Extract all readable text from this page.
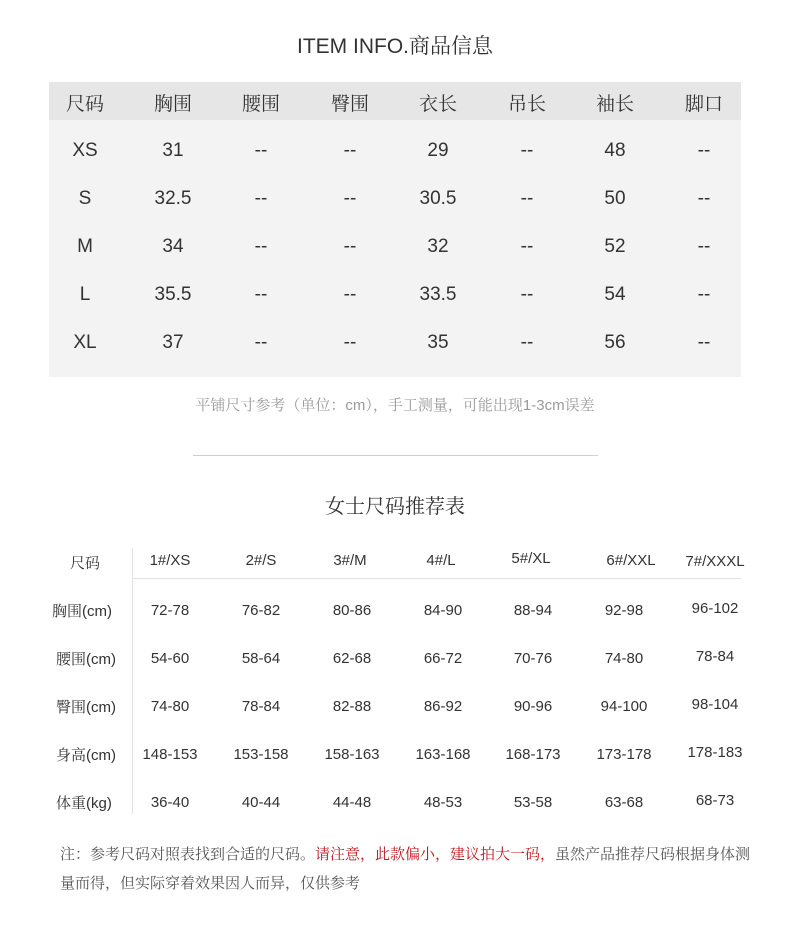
ITEM INFO.商品信息
尺码	胸围	腰围	臀围	衣长	吊长	袖长	脚口
XS	31	--	--	29	--	48	--
S	32.5	--	--	30.5	--	50	--
M	34	--	--	32	--	52	--
L	35.5	--	--	33.5	--	54	--
XL	37	--	--	35	--	56	--
平铺尺寸参考（单位：cm），手工测量，可能出现1-3cm误差
女士尺码推荐表
尺码	1#/XS	2#/S	3#/M	4#/L	5#/XL	6#/XXL	7#/XXXL
胸围(cm)	72-78	76-82	80-86	84-90	88-94	92-98	96-102
腰围(cm)	54-60	58-64	62-68	66-72	70-76	74-80	78-84
臀围(cm)	74-80	78-84	82-88	86-92	90-96	94-100	98-104
身高(cm)	148-153	153-158	158-163	163-168	168-173	173-178	178-183
体重(kg)	36-40	40-44	44-48	48-53	53-58	63-68	68-73
注：参考尺码对照表找到合适的尺码。请注意，此款偏小，建议拍大一码，虽然产品推荐尺码根据身体测量而得，但实际穿着效果因人而异，仅供参考
